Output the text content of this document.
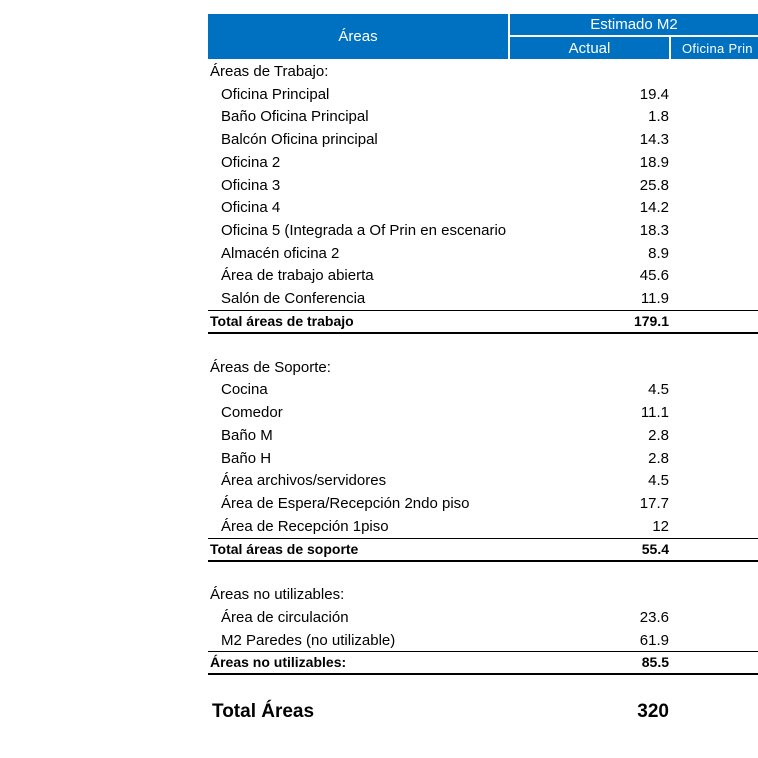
Áreas
Estimado M2
Actual	Oficina Prin
Áreas de Trabajo:
Oficina Principal	19.4
Baño Oficina Principal	1.8
Balcón Oficina principal	14.3
Oficina 2	18.9
Oficina 3	25.8
Oficina 4	14.2
Oficina 5 (Integrada a Of Prin en escenario	18.3
Almacén oficina 2	8.9
Área de trabajo abierta	45.6
Salón de Conferencia	11.9
Total áreas de trabajo	179.1
Áreas de Soporte:
Cocina	4.5
Comedor	11.1
Baño M	2.8
Baño H	2.8
Área archivos/servidores	4.5
Área de Espera/Recepción 2ndo piso	17.7
Área de Recepción 1piso	12
Total áreas de soporte	55.4
Áreas no utilizables:
Área de circulación	23.6
M2 Paredes (no utilizable)	61.9
Áreas no utilizables:	85.5
Total Áreas	320
